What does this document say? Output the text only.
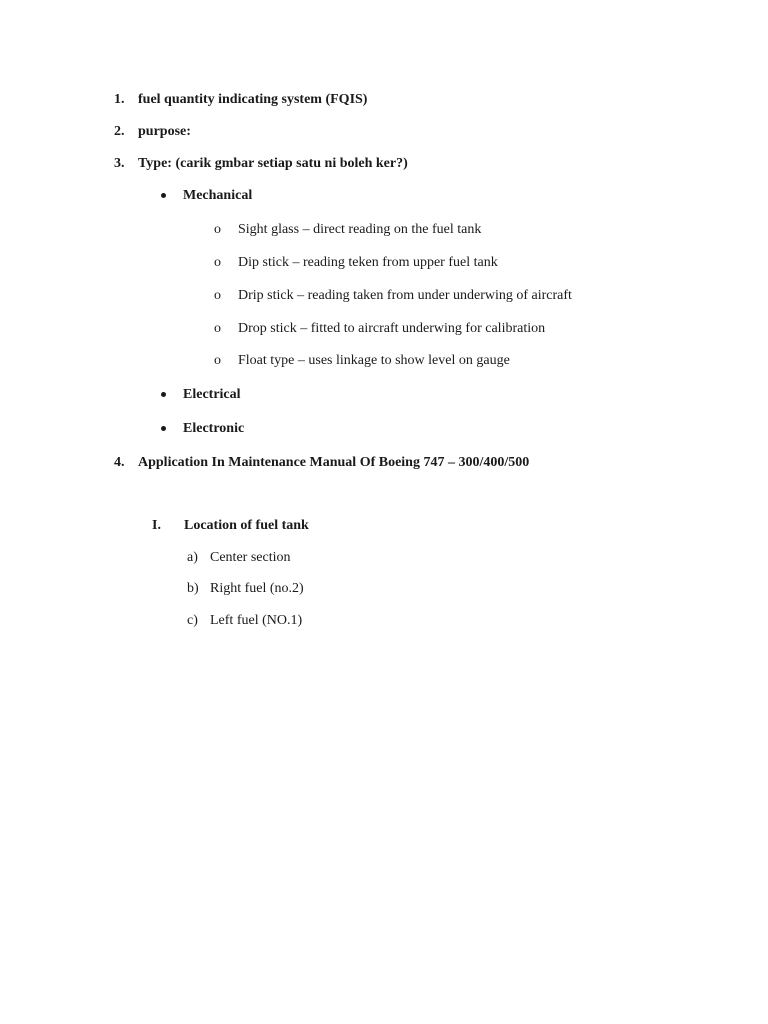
1. fuel quantity indicating system (FQIS)
2. purpose:
3. Type: (carik gmbar setiap satu ni boleh ker?)
Mechanical
o Sight glass – direct reading on the fuel tank
o Dip stick – reading teken from upper fuel tank
o Drip stick – reading taken from under underwing of aircraft
o Drop stick – fitted to aircraft underwing for calibration
o Float type – uses linkage to show level on gauge
Electrical
Electronic
4. Application In Maintenance Manual Of Boeing 747 – 300/400/500
I. Location of fuel tank
a) Center section
b) Right fuel (no.2)
c) Left fuel (NO.1)
